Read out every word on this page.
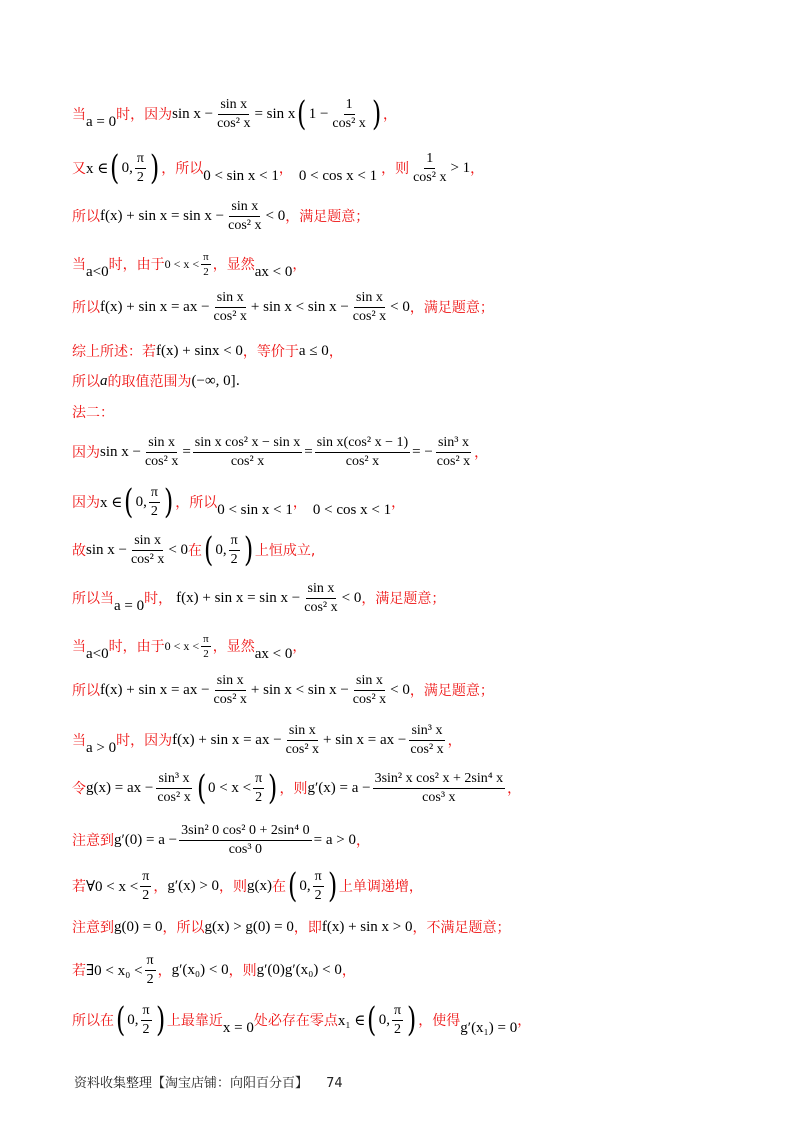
当 a = 0 时，因为 $\sin x - \frac{\text{sin x}}{\text{cos² x}} = \sin x$ ( $1 - \frac{1}{\text{cos² x}}$ ) ，
又 x ∈ ( 0, $\frac{\pi}{2}$ ) ，所以 0 < sin x < 1 ， 0 < cos x < 1 ，则 $\frac{1}{\text{cos² x}} > 1$ ，
所以 $f(x) + \sin x = \sin x - \frac{\text{sin x}}{\text{cos² x}} < 0$ ，满足题意；
当 a<0 时，由于 $0 < x < \frac{\pi}{2}$ ，显然 ax < 0 ，
所以 f(x) + sin x = ax − $\frac{\text{sin x}}{\text{cos² x}} + \sin x < \sin x - \frac{\text{sin x}}{\text{cos² x}} < 0$ ，满足题意；
综上所述：若 f(x) + sinx < 0 ，等价于 a ≤ 0 ，
所以 a 的取值范围为 (−∞, 0] .
法二：
因为 $\sin x - \frac{\text{sin x}}{\text{cos² x}} = \frac{\text{sin x cos² x − sin x}}{\text{cos² x}} = \frac{\text{sin x(cos² x − 1)}}{\text{cos² x}}$ = − $\frac{\text{sin³ x}}{\text{cos² x}}$ ，
因为 x ∈ ( 0, $\frac{\pi}{2}$ ) ，所以 0 < sin x < 1 ， 0 < cos x < 1 ，
故 $\sin x - \frac{\text{sin x}}{\text{cos² x}} < 0$ 在 ( 0, $\frac{\pi}{2}$ ) 上恒成立,
所以当 a = 0 时， $f(x) + \sin x = \sin x - \frac{\text{sin x}}{\text{cos² x}} < 0$ ，满足题意；
当 a<0 时，由于 $0 < x < \frac{\pi}{2}$ ，显然 ax < 0 ，
所以 f(x) + sin x = ax − $\frac{\text{sin x}}{\text{cos² x}} + \sin x < \sin x - \frac{\text{sin x}}{\text{cos² x}} < 0$ ，满足题意；
当 a > 0 时，因为 f(x) + sin x = ax − $\frac{\text{sin x}}{\text{cos² x}} + \sin x$ = ax − $\frac{\text{sin³ x}}{\text{cos² x}}$ ，
令 g(x) = ax − $\frac{\text{sin³ x}}{\text{cos² x}}$ ( $0 < x < \frac{\pi}{2}$ ) ，则 $g'(x) = a - \frac{\text{3sin² x cos² x + 2sin⁴ x}}{\text{cos³ x}}$ ，
注意到 $g'(0) = a - \frac{\text{3sin² 0 cos² 0 + 2sin⁴ 0}}{\text{cos³ 0}} = a > 0$ ，
若 ∀0 < $x < \frac{\pi}{2}$ ， g′(x) > 0 ，则 g(x) 在 ( 0, $\frac{\pi}{2}$ ) 上单调递增，
注意到 g(0) = 0 ，所以 g(x) > g(0) = 0 ，即 f(x) + sin x > 0 ，不满足题意；
若 ∃0 < $x_0 < \frac{\pi}{2}$ ， g′(x₀) < 0 ，则 g′(0)g′(x₀) < 0 ，
所以在 ( 0, $\frac{\pi}{2}$ ) 上最靠近 x = 0 处必存在零点 x₁ ∈ ( 0, $\frac{\pi}{2}$ ) ，使得 g′(x₁) = 0 ，
资料收集整理【淘宝店铺：向阳百分百】 74
